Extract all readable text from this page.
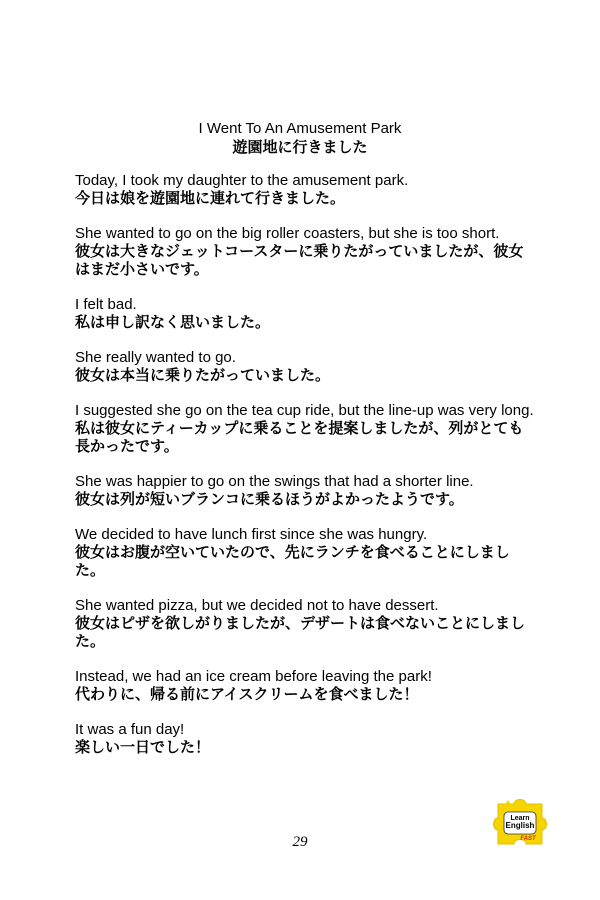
I Went To An Amusement Park
遊園地に行きました
Today, I took my daughter to the amusement park.
今日は娘を遊園地に連れて行きました。
She wanted to go on the big roller coasters, but she is too short.
彼女は大きなジェットコースターに乗りたがっていましたが、彼女はまだ小さいです。
I felt bad.
私は申し訳なく思いました。
She really wanted to go.
彼女は本当に乗りたがっていました。
I suggested she go on the tea cup ride, but the line-up was very long.
私は彼女にティーカップに乗ることを提案しましたが、列がとても長かったです。
She was happier to go on the swings that had a shorter line.
彼女は列が短いブランコに乗るほうがよかったようです。
We decided to have lunch first since she was hungry.
彼女はお腹が空いていたので、先にランチを食べることにしました。
She wanted pizza, but we decided not to have dessert.
彼女はピザを欲しがりましたが、デザートは食べないことにしました。
Instead, we had an ice cream before leaving the park!
代わりに、帰る前にアイスクリームを食べました！
It was a fun day!
楽しい一日でした！
29
Learn
English
FAST
